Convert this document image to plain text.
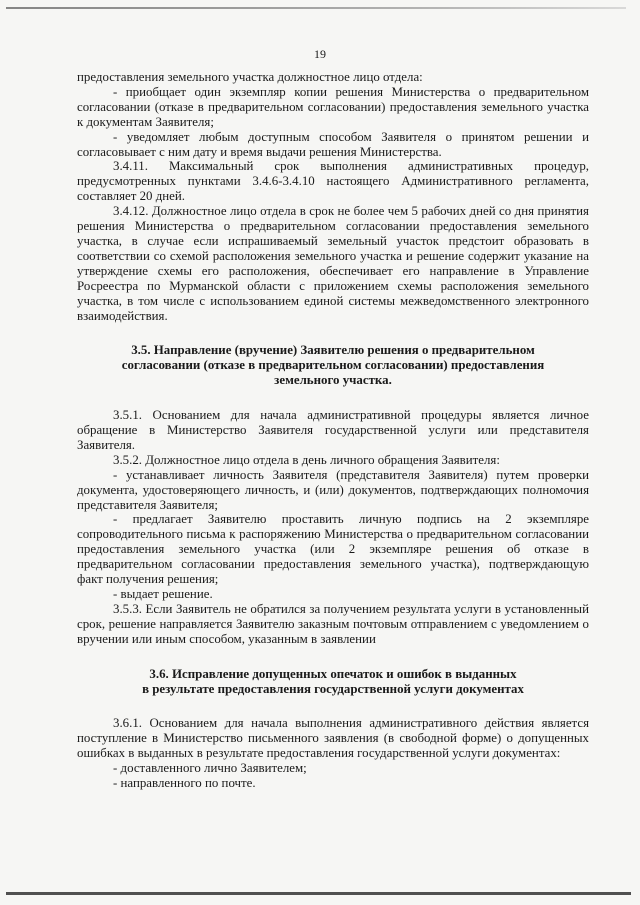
19

предоставления земельного участка должностное лицо отдела:

- приобщает один экземпляр копии решения Министерства о предварительном согласовании (отказе в предварительном согласовании) предоставления земельного участка к документам Заявителя;

- уведомляет любым доступным способом Заявителя о принятом решении и согласовывает с ним дату и время выдачи решения Министерства.

3.4.11. Максимальный срок выполнения административных процедур, предусмотренных пунктами 3.4.6-3.4.10 настоящего Административного регламента, составляет 20 дней.

3.4.12. Должностное лицо отдела в срок не более чем 5 рабочих дней со дня принятия решения Министерства о предварительном согласовании предоставления земельного участка, в случае если испрашиваемый земельный участок предстоит образовать в соответствии со схемой расположения земельного участка и решение содержит указание на утверждение схемы его расположения, обеспечивает его направление в Управление Росреестра по Мурманской области с приложением схемы расположения земельного участка, в том числе с использованием единой системы межведомственного электронного взаимодействия.

3.5. Направление (вручение) Заявителю решения о предварительном
согласовании (отказе в предварительном согласовании) предоставления
земельного участка.

3.5.1. Основанием для начала административной процедуры является личное обращение в Министерство Заявителя государственной услуги или представителя Заявителя.

3.5.2. Должностное лицо отдела в день личного обращения Заявителя:

- устанавливает личность Заявителя (представителя Заявителя) путем проверки документа, удостоверяющего личность, и (или) документов, подтверждающих полномочия представителя Заявителя;

- предлагает Заявителю проставить личную подпись на 2 экземпляре сопроводительного письма к распоряжению Министерства о предварительном согласовании предоставления земельного участка (или 2 экземпляре решения об отказе в предварительном согласовании предоставления земельного участка), подтверждающую факт получения решения;

- выдает решение.

3.5.3. Если Заявитель не обратился за получением результата услуги в установленный срок, решение направляется Заявителю заказным почтовым отправлением с уведомлением о вручении или иным способом, указанным в заявлении

3.6. Исправление допущенных опечаток и ошибок в выданных
в результате предоставления государственной услуги документах

3.6.1. Основанием для начала выполнения административного действия является поступление в Министерство письменного заявления (в свободной форме) о допущенных ошибках в выданных в результате предоставления государственной услуги документах:

- доставленного лично Заявителем;

- направленного по почте.
